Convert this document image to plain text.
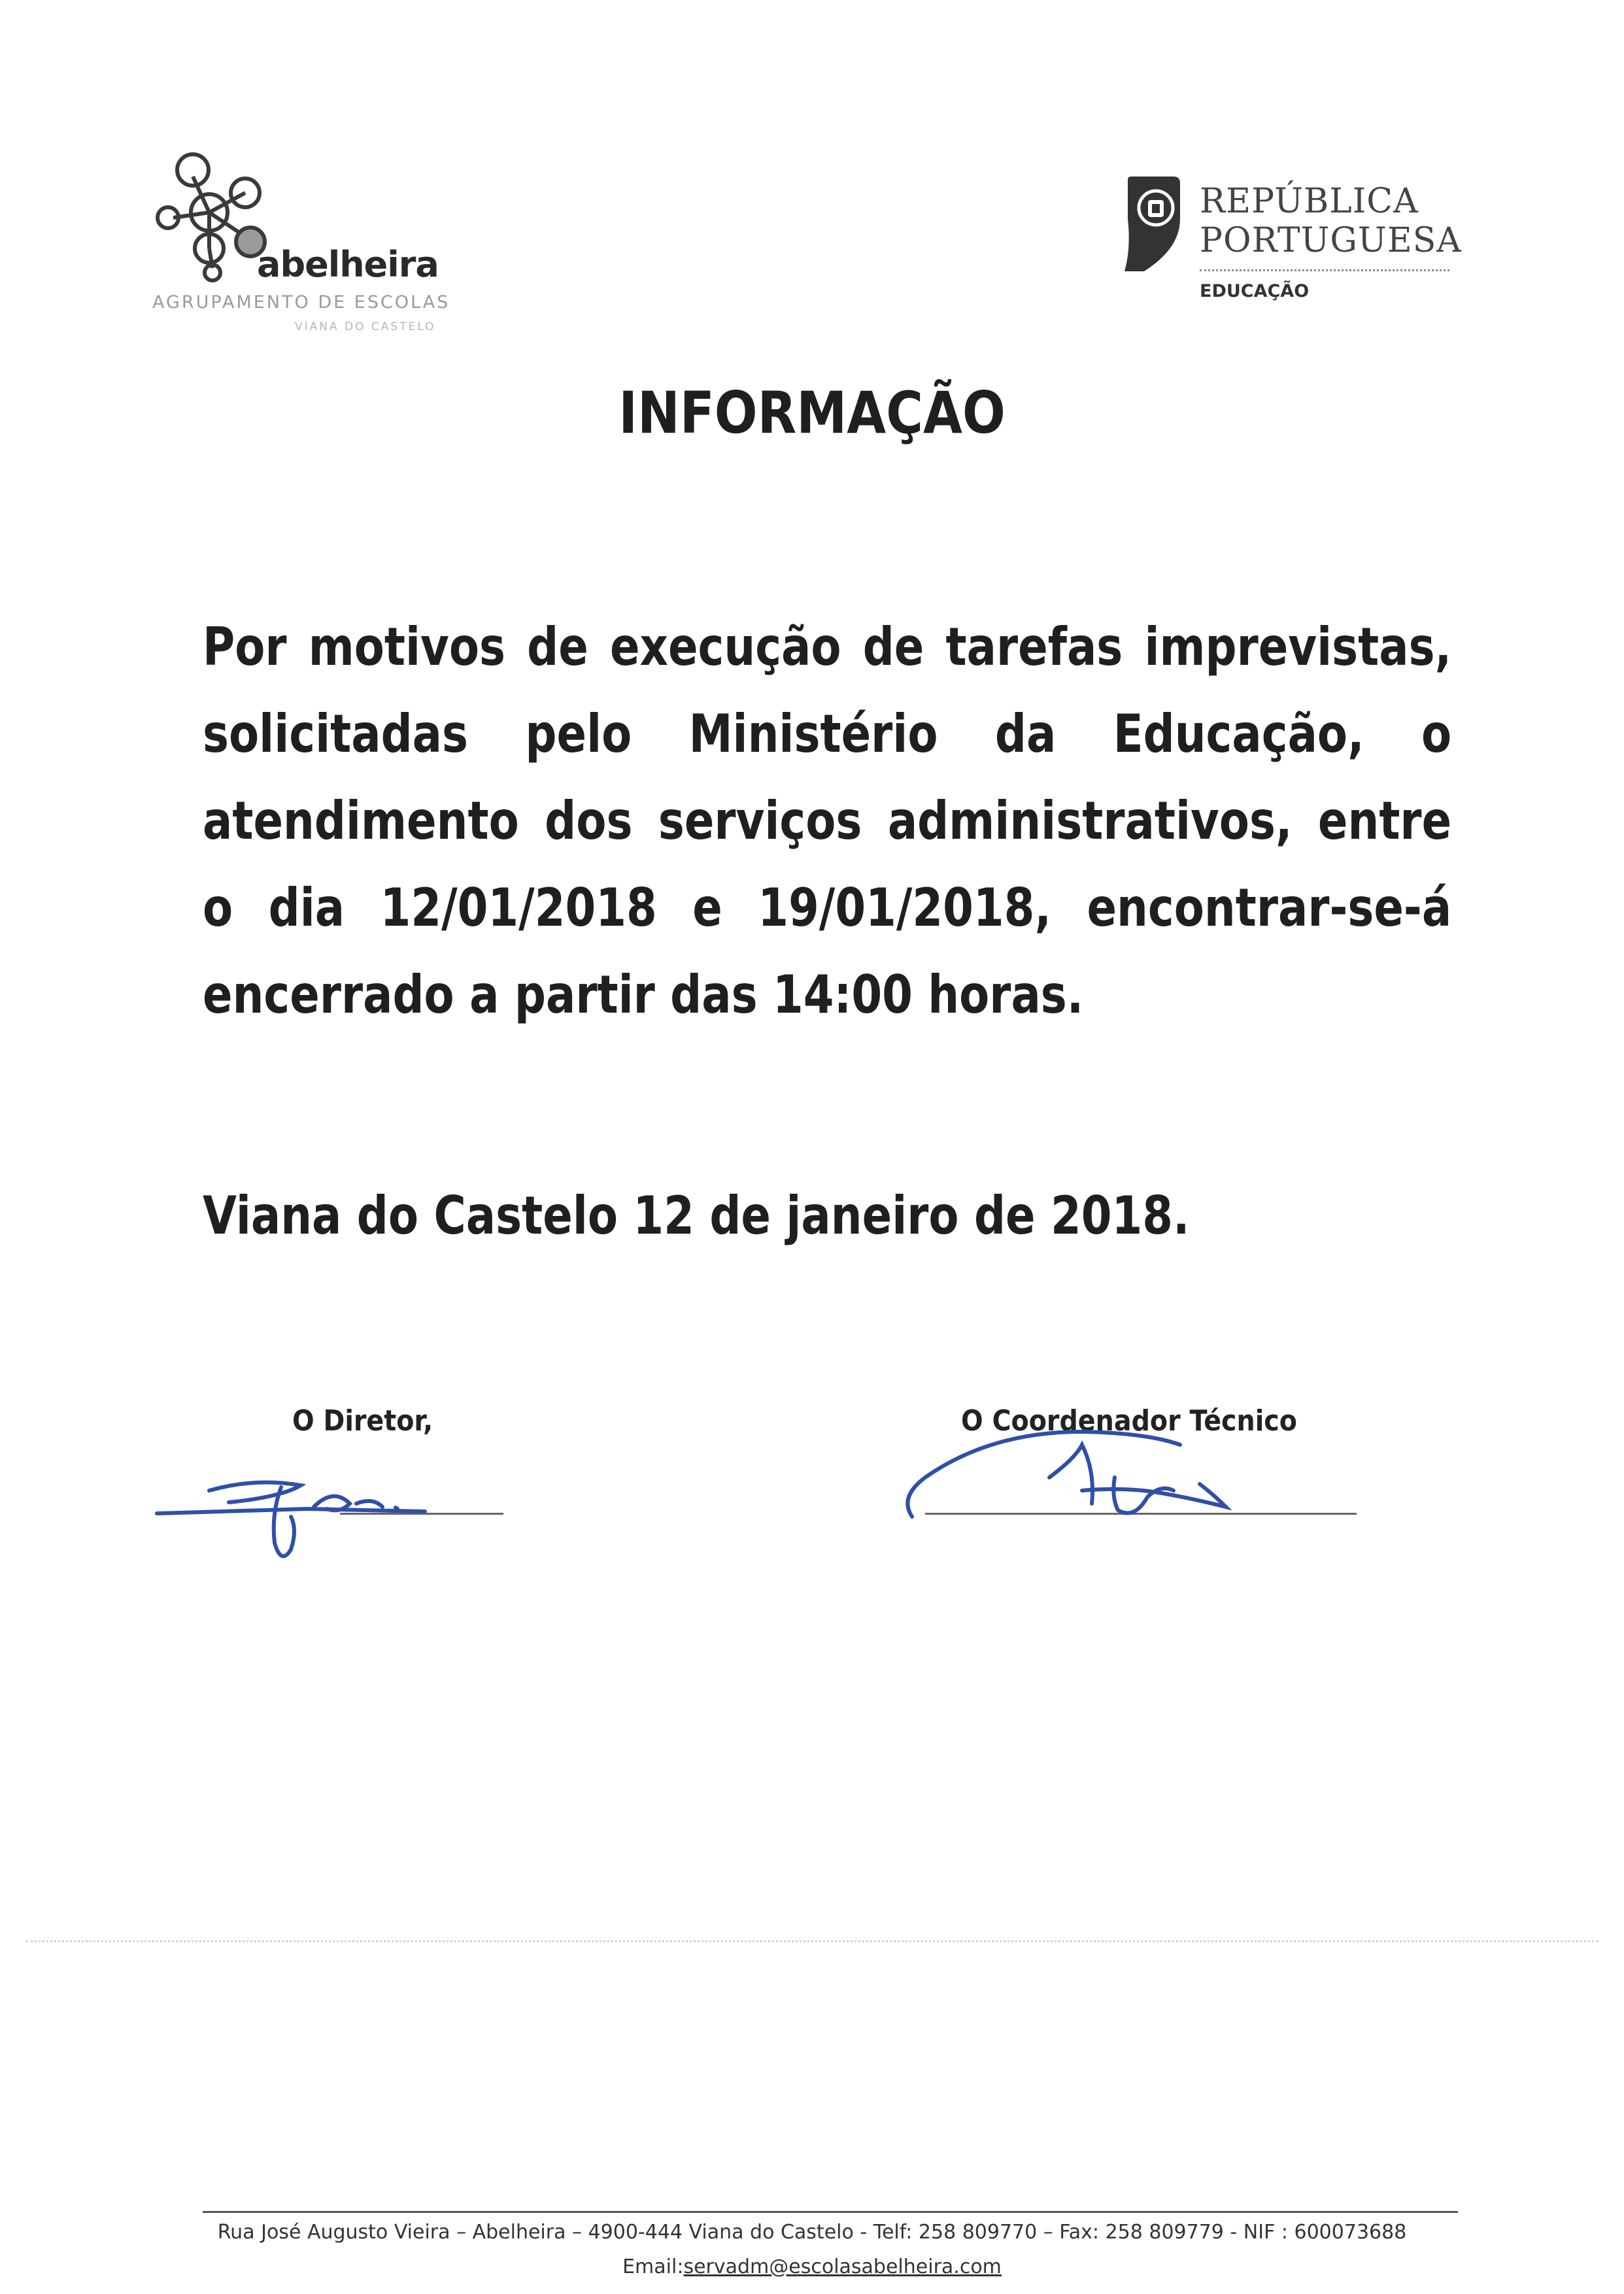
abelheira
AGRUPAMENTO DE ESCOLAS
VIANA DO CASTELO
REPÚBLICA
PORTUGUESA
EDUCAÇÃO
INFORMAÇÃO
Por motivos de execução de tarefas imprevistas,
solicitadas pelo Ministério da Educação, o
atendimento dos serviços administrativos, entre
o dia 12/01/2018 e 19/01/2018, encontrar-se-á
encerrado a partir das 14:00 horas.
Viana do Castelo 12 de janeiro de 2018.
O Diretor,	O Coordenador Técnico
Rua José Augusto Vieira – Abelheira – 4900-444 Viana do Castelo - Telf: 258 809770 – Fax: 258 809779 - NIF : 600073688
Email:servadm@escolasabelheira.com
